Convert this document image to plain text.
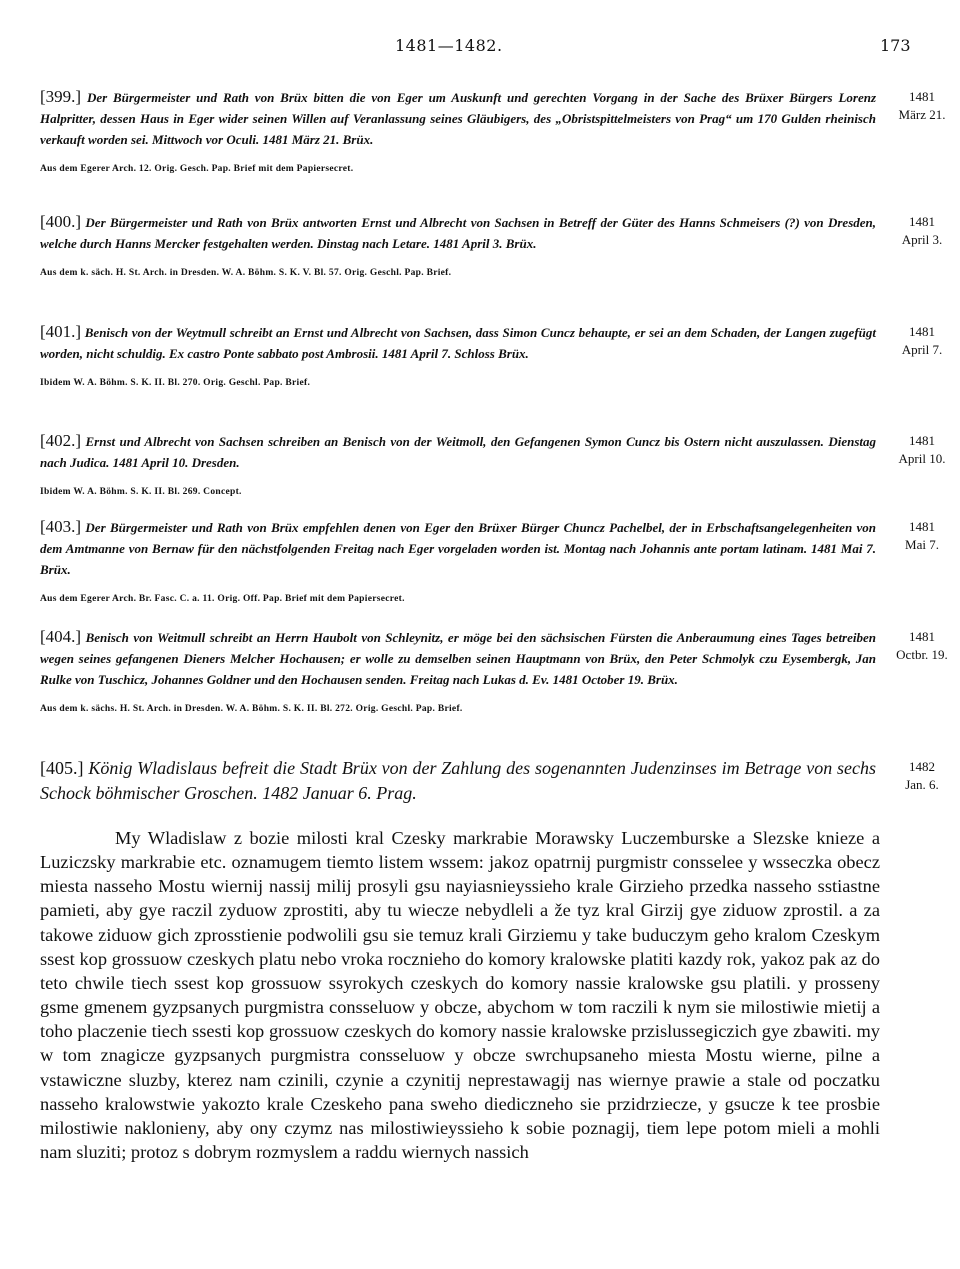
1481—1482.	173

[399.] Der Bürgermeister und Rath von Brüx bitten die von Eger um Auskunft und gerechten Vorgang in der Sache des Brüxer Bürgers Lorenz Halpritter, dessen Haus in Eger wider seinen Willen auf Veranlassung seines Gläubigers, des „Obristspittelmeisters von Prag“ um 170 Gulden rheinisch verkauft worden sei. Mittwoch vor Oculi. 1481 März 21. Brüx.

Aus dem Egerer Arch. 12. Orig. Gesch. Pap. Brief mit dem Papiersecret.
1481
März 21.

[400.] Der Bürgermeister und Rath von Brüx antworten Ernst und Albrecht von Sachsen in Betreff der Güter des Hanns Schmeisers (?) von Dresden, welche durch Hanns Mercker festgehalten werden. Dinstag nach Letare. 1481 April 3. Brüx.

Aus dem k. säch. H. St. Arch. in Dresden. W. A. Böhm. S. K. V. Bl. 57. Orig. Geschl. Pap. Brief.
1481
April 3.

[401.] Benisch von der Weytmull schreibt an Ernst und Albrecht von Sachsen, dass Simon Cuncz behaupte, er sei an dem Schaden, der Langen zugefügt worden, nicht schuldig. Ex castro Ponte sabbato post Ambrosii. 1481 April 7. Schloss Brüx.

Ibidem W. A. Böhm. S. K. II. Bl. 270. Orig. Geschl. Pap. Brief.
1481
April 7.

[402.] Ernst und Albrecht von Sachsen schreiben an Benisch von der Weitmoll, den Gefangenen Symon Cuncz bis Ostern nicht auszulassen. Dienstag nach Judica. 1481 April 10. Dresden.

Ibidem W. A. Böhm. S. K. II. Bl. 269. Concept.
1481
April 10.

[403.] Der Bürgermeister und Rath von Brüx empfehlen denen von Eger den Brüxer Bürger Chuncz Pachelbel, der in Erbschaftsangelegenheiten von dem Amtmanne von Bernaw für den nächstfolgenden Freitag nach Eger vorgeladen worden ist. Montag nach Johannis ante portam latinam. 1481 Mai 7. Brüx.

Aus dem Egerer Arch. Br. Fasc. C. a. 11. Orig. Off. Pap. Brief mit dem Papiersecret.
1481
Mai 7.

[404.] Benisch von Weitmull schreibt an Herrn Haubolt von Schleynitz, er möge bei den sächsischen Fürsten die Anberaumung eines Tages betreiben wegen seines gefangenen Dieners Melcher Hochausen; er wolle zu demselben seinen Hauptmann von Brüx, den Peter Schmolyk czu Eysembergk, Jan Rulke von Tuschicz, Johannes Goldner und den Hochausen senden. Freitag nach Lukas d. Ev. 1481 October 19. Brüx.

Aus dem k. sächs. H. St. Arch. in Dresden. W. A. Böhm. S. K. II. Bl. 272. Orig. Geschl. Pap. Brief.
1481
Octbr. 19.

[405.] König Wladislaus befreit die Stadt Brüx von der Zahlung des sogenannten Judenzinses im Betrage von sechs Schock böhmischer Groschen. 1482 Januar 6. Prag.

1482
Jan. 6.

My Wladislaw z bozie milosti kral Czesky markrabie Morawsky Luczemburske a Slezske knieze a Luziczsky markrabie etc. oznamugem tiemto listem wssem: jakoz opatrnij purgmistr consselee y wsseczka obecz miesta nasseho Mostu wiernij nassij milij prosyli gsu nayiasnieyssieho krale Girzieho przedka nasseho sstiastne pamieti, aby gye raczil zyduow zprostiti, aby tu wiecze nebydleli a že tyz kral Girzij gye ziduow zprostil. a za takowe ziduow gich zprosstienie podwolili gsu sie temuz krali Girziemu y take buduczym geho kralom Czeskym ssest kop grossuow czeskych platu nebo vroka rocznieho do komory kralowske platiti kazdy rok, yakoz pak az do teto chwile tiech ssest kop grossuow ssyrokych czeskych do komory nassie kralowske gsu platili. y prosseny gsme gmenem gyzpsanych purgmistra consseluow y obcze, abychom w tom raczili k nym sie milostiwie mietij a toho placzenie tiech ssesti kop grossuow czeskych do komory nassie kralowske przislussegiczich gye zbawiti. my w tom znagicze gyzpsanych purgmistra consseluow y obcze swrchupsaneho miesta Mostu wierne, pilne a vstawiczne sluzby, kterez nam czinili, czynie a czynitij neprestawagij nas wiernye prawie a stale od poczatku nasseho kralowstwie yakozto krale Czeskeho pana sweho diediczneho sie przidrziecze, y gsucze k tee prosbie milostiwie naklonieny, aby ony czymz nas milostiwieyssieho k sobie poznagij, tiem lepe potom mieli a mohli nam sluziti; protoz s dobrym rozmyslem a raddu wiernych nassich
